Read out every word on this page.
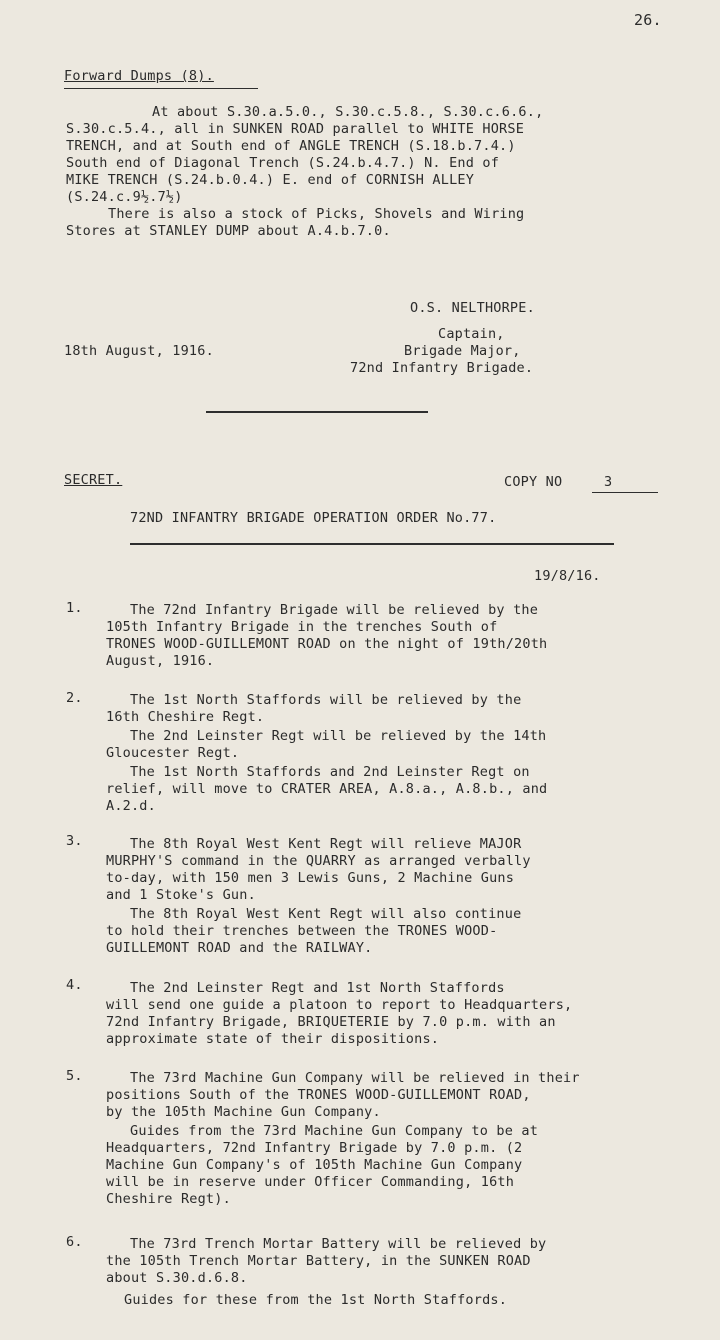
26.
Forward Dumps (8).
At about S.30.a.5.0., S.30.c.5.8., S.30.c.6.6.,
S.30.c.5.4., all in SUNKEN ROAD parallel to WHITE HORSE
TRENCH, and at South end of ANGLE TRENCH (S.18.b.7.4.)
South end of Diagonal Trench (S.24.b.4.7.) N. End of
MIKE TRENCH (S.24.b.0.4.) E. end of CORNISH ALLEY
(S.24.c.9½.7½)
There is also a stock of Picks, Shovels and Wiring
Stores at STANLEY DUMP about A.4.b.7.0.
O.S. NELTHORPE.
Captain,
Brigade Major,
18th August, 1916.
72nd Infantry Brigade.
SECRET.	COPY NO	3
72ND INFANTRY BRIGADE OPERATION ORDER No.77.
19/8/16.
1.	The 72nd Infantry Brigade will be relieved by the
105th Infantry Brigade in the trenches South of
TRONES WOOD-GUILLEMONT ROAD on the night of 19th/20th
August, 1916.
2.	The 1st North Staffords will be relieved by the
16th Cheshire Regt.
The 2nd Leinster Regt will be relieved by the 14th
Gloucester Regt.
The 1st North Staffords and 2nd Leinster Regt on
relief, will move to CRATER AREA, A.8.a., A.8.b., and
A.2.d.
3.	The 8th Royal West Kent Regt will relieve MAJOR
MURPHY'S command in the QUARRY as arranged verbally
to-day, with 150 men 3 Lewis Guns, 2 Machine Guns
and 1 Stoke's Gun.
The 8th Royal West Kent Regt will also continue
to hold their trenches between the TRONES WOOD-
GUILLEMONT ROAD and the RAILWAY.
4.	The 2nd Leinster Regt and 1st North Staffords
will send one guide a platoon to report to Headquarters,
72nd Infantry Brigade, BRIQUETERIE by 7.0 p.m. with an
approximate state of their dispositions.
5.	The 73rd Machine Gun Company will be relieved in their
positions South of the TRONES WOOD-GUILLEMONT ROAD,
by the 105th Machine Gun Company.
Guides from the 73rd Machine Gun Company to be at
Headquarters, 72nd Infantry Brigade by 7.0 p.m. (2
Machine Gun Company's of 105th Machine Gun Company
will be in reserve under Officer Commanding, 16th
Cheshire Regt).
6.	The 73rd Trench Mortar Battery will be relieved by
the 105th Trench Mortar Battery, in the SUNKEN ROAD
about S.30.d.6.8.
Guides for these from the 1st North Staffords.
